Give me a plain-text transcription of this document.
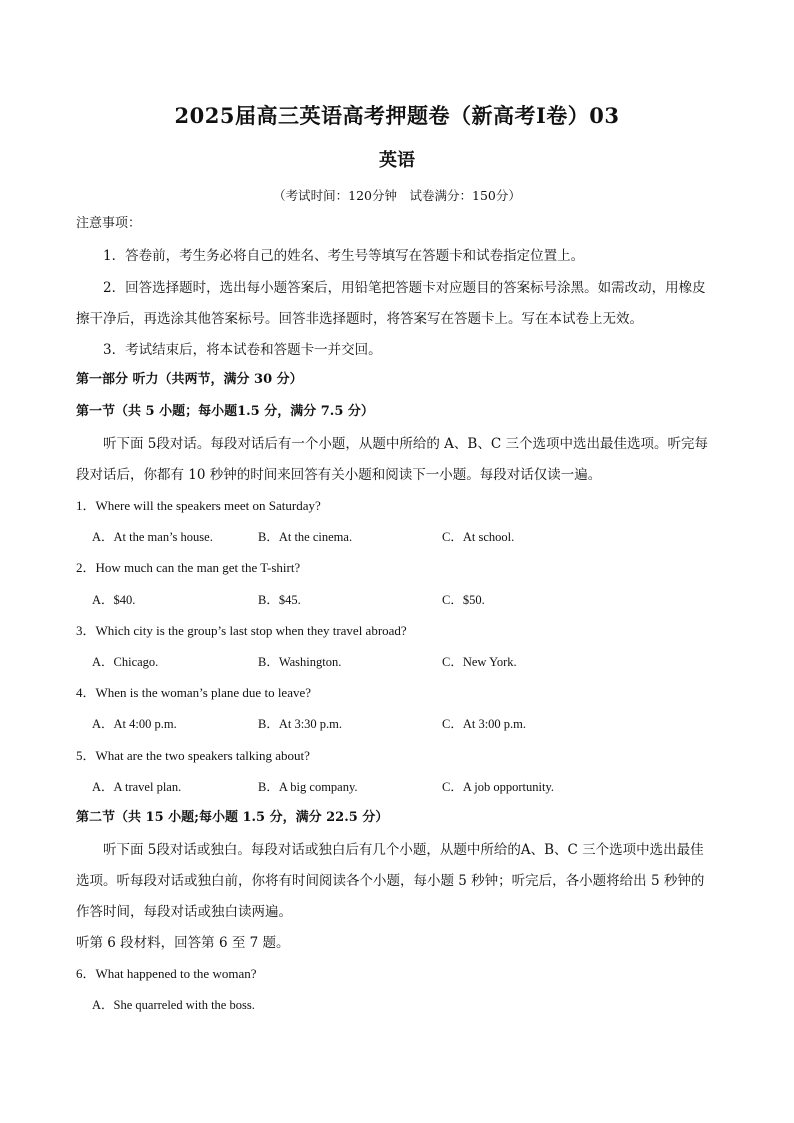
2025届高三英语高考押题卷（新高考I卷）03
英语
（考试时间：120分钟　试卷满分：150分）
注意事项：
1．答卷前，考生务必将自己的姓名、考生号等填写在答题卡和试卷指定位置上。
2．回答选择题时，选出每小题答案后，用铅笔把答题卡对应题目的答案标号涂黑。如需改动，用橡皮
擦干净后，再选涂其他答案标号。回答非选择题时，将答案写在答题卡上。写在本试卷上无效。
3．考试结束后，将本试卷和答题卡一并交回。
第一部分 听力（共两节，满分 30 分）
第一节（共 5 小题；每小题1.5 分，满分 7.5 分）
听下面 5段对话。每段对话后有一个小题，从题中所给的 A、B、C 三个选项中选出最佳选项。听完每
段对话后，你都有 10 秒钟的时间来回答有关小题和阅读下一小题。每段对话仅读一遍。
1．Where will the speakers meet on Saturday?
A．At the man’s house.	B．At the cinema.	C．At school.
2．How much can the man get the T-shirt?
A．$40.	B．$45.	C．$50.
3．Which city is the group’s last stop when they travel abroad?
A．Chicago.	B．Washington.	C．New York.
4．When is the woman’s plane due to leave?
A．At 4:00 p.m.	B．At 3:30 p.m.	C．At 3:00 p.m.
5．What are the two speakers talking about?
A．A travel plan.	B．A big company.	C．A job opportunity.
第二节（共 15 小题;每小题 1.5 分，满分 22.5 分）
听下面 5段对话或独白。每段对话或独白后有几个小题，从题中所给的A、B、C 三个选项中选出最佳
选项。听每段对话或独白前，你将有时间阅读各个小题，每小题 5 秒钟；听完后，各小题将给出 5 秒钟的
作答时间，每段对话或独白读两遍。
听第 6 段材料，回答第 6 至 7 题。
6．What happened to the woman?
A．She quarreled with the boss.
